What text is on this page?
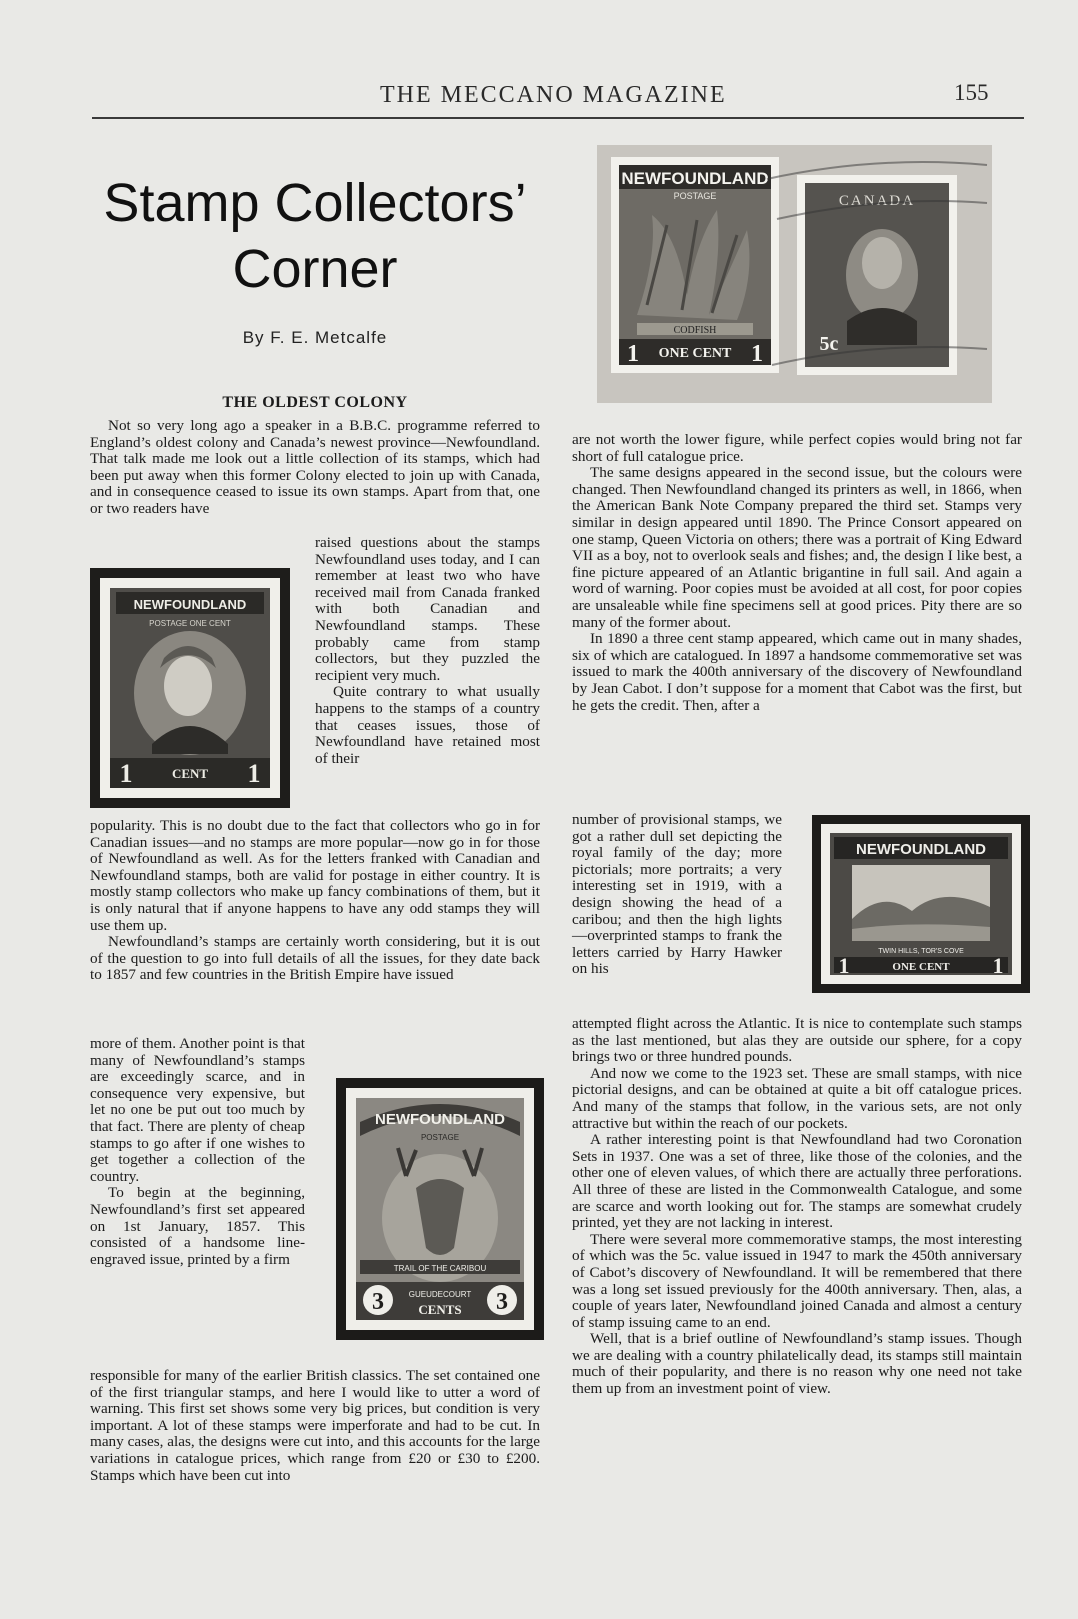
THE MECCANO MAGAZINE	155
Stamp Collectors’
Corner
By F. E. Metcalfe
THE OLDEST COLONY
NEWFOUNDLAND
POSTAGE
CODFISH
1	1
ONE CENT
CANADA
5c

Not so very long ago a speaker in a B.B.C. programme referred to England’s oldest colony and Canada’s newest province—Newfoundland. That talk made me look out a little collection of its stamps, which had been put away when this former Colony elected to join up with Canada, and in consequence ceased to issue its own stamps. Apart from that, one or two readers have

raised questions about the stamps Newfoundland uses today, and I can remember at least two who have received mail from Canada franked with both Canadian and Newfoundland stamps. These probably came from stamp collectors, but they puzzled the recipient very much.

Quite contrary to what usually happens to the stamps of a country that ceases issues, those of Newfoundland have retained most of their

NEWFOUNDLAND
POSTAGE ONE CENT
1	1
CENT

popularity. This is no doubt due to the fact that collectors who go in for Canadian issues—and no stamps are more popular—now go in for those of Newfoundland as well. As for the letters franked with Canadian and Newfoundland stamps, both are valid for postage in either country. It is mostly stamp collectors who make up fancy combinations of them, but it is only natural that if anyone happens to have any odd stamps they will use them up.

Newfoundland’s stamps are certainly worth considering, but it is out of the question to go into full details of all the issues, for they date back to 1857 and few countries in the British Empire have issued

more of them. Another point is that many of Newfoundland’s stamps are exceedingly scarce, and in consequence very expensive, but let no one be put out too much by that fact. There are plenty of cheap stamps to go after if one wishes to get together a collection of the country.

To begin at the beginning, Newfoundland’s first set appeared on 1st January, 1857. This consisted of a handsome line-engraved issue, printed by a firm

NEWFOUNDLAND
POSTAGE
TRAIL OF THE CARIBOU
3	3
GUEUDECOURT
CENTS

responsible for many of the earlier British classics. The set contained one of the first triangular stamps, and here I would like to utter a word of warning. This first set shows some very big prices, but condition is very important. A lot of these stamps were imperforate and had to be cut. In many cases, alas, the designs were cut into, and this accounts for the large variations in catalogue prices, which range from £20 or £30 to £200. Stamps which have been cut into

are not worth the lower figure, while perfect copies would bring not far short of full catalogue price.

The same designs appeared in the second issue, but the colours were changed. Then Newfoundland changed its printers as well, in 1866, when the American Bank Note Company prepared the third set. Stamps very similar in design appeared until 1890. The Prince Consort appeared on one stamp, Queen Victoria on others; there was a portrait of King Edward VII as a boy, not to overlook seals and fishes; and, the design I like best, a fine picture appeared of an Atlantic brigantine in full sail. And again a word of warning. Poor copies must be avoided at all cost, for poor copies are unsaleable while fine specimens sell at good prices. Pity there are so many of the former about.

In 1890 a three cent stamp appeared, which came out in many shades, six of which are catalogued. In 1897 a handsome commemorative set was issued to mark the 400th anniversary of the discovery of Newfoundland by Jean Cabot. I don’t suppose for a moment that Cabot was the first, but he gets the credit. Then, after a

number of provisional stamps, we got a rather dull set depicting the royal family of the day; more pictorials; more portraits; a very interesting set in 1919, with a design showing the head of a caribou; and then the high lights—overprinted stamps to frank the letters carried by Harry Hawker on his

NEWFOUNDLAND
TWIN HILLS, TOR'S COVE
1	1
ONE CENT

attempted flight across the Atlantic. It is nice to contemplate such stamps as the last mentioned, but alas they are outside our sphere, for a copy brings two or three hundred pounds.

And now we come to the 1923 set. These are small stamps, with nice pictorial designs, and can be obtained at quite a bit off catalogue prices. And many of the stamps that follow, in the various sets, are not only attractive but within the reach of our pockets.

A rather interesting point is that Newfoundland had two Coronation Sets in 1937. One was a set of three, like those of the colonies, and the other one of eleven values, of which there are actually three perforations. All three of these are listed in the Commonwealth Catalogue, and some are scarce and worth looking out for. The stamps are somewhat crudely printed, yet they are not lacking in interest.

There were several more commemorative stamps, the most interesting of which was the 5c. value issued in 1947 to mark the 450th anniversary of Cabot’s discovery of Newfoundland. It will be remembered that there was a long set issued previously for the 400th anniversary. Then, alas, a couple of years later, Newfoundland joined Canada and almost a century of stamp issuing came to an end.

Well, that is a brief outline of Newfoundland’s stamp issues. Though we are dealing with a country philatelically dead, its stamps still maintain much of their popularity, and there is no reason why one need not take them up from an investment point of view.
